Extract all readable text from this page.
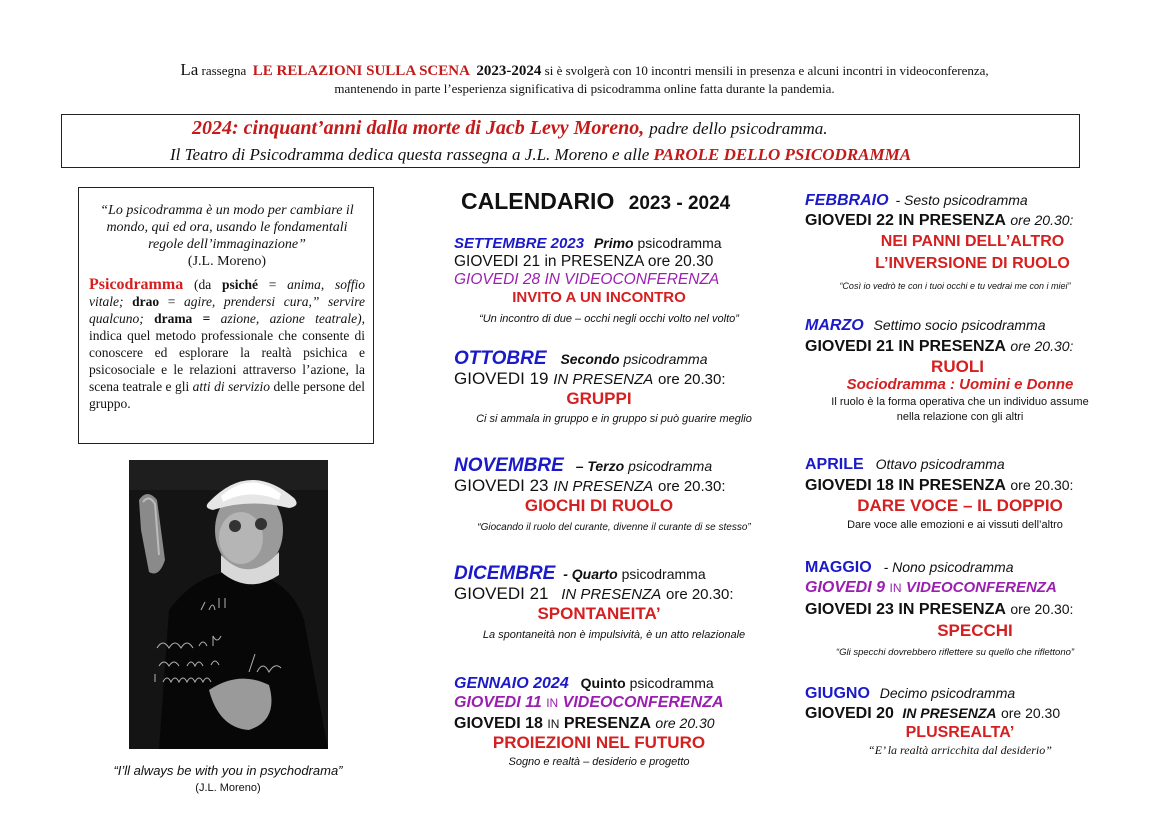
La rassegna LE RELAZIONI SULLA SCENA 2023-2024 si è svolgerà con 10 incontri mensili in presenza e alcuni incontri in videoconferenza,
mantenendo in parte l’esperienza significativa di psicodramma online fatta durante la pandemia.
2024: cinquant’anni dalla morte di Jacb Levy Moreno, padre dello psicodramma.
Il Teatro di Psicodramma dedica questa rassegna a J.L. Moreno e alle PAROLE DELLO PSICODRAMMA
“Lo psicodramma è un modo per cambiare il mondo, qui ed ora, usando le fondamentali regole dell’immaginazione”
(J.L. Moreno)
Psicodramma (da psiché = anima, soffio vitale; drao = agire, prendersi cura,” servire qualcuno; drama = azione, azione teatrale), indica quel metodo professionale che consente di conoscere ed esplorare la realtà psichica e psicosociale e le relazioni attraverso l’azione, la scena teatrale e gli atti di servizio delle persone del gruppo.
“I’ll always be with you in psychodrama”
(J.L. Moreno)
CALENDARIO 2023 - 2024
SETTEMBRE 2023 Primo psicodramma
GIOVEDI 21 in PRESENZA ore 20.30
GIOVEDI 28 IN VIDEOCONFERENZA
INVITO A UN INCONTRO
“Un incontro di due – occhi negli occhi volto nel volto”
OTTOBRE Secondo psicodramma
GIOVEDI 19 IN PRESENZA ore 20.30:
GRUPPI
Ci si ammala in gruppo e in gruppo si può guarire meglio
NOVEMBRE – Terzo psicodramma
GIOVEDI 23 IN PRESENZA ore 20.30:
GIOCHI DI RUOLO
“Giocando il ruolo del curante, divenne il curante di se stesso”
DICEMBRE - Quarto psicodramma
GIOVEDI 21 IN PRESENZA ore 20.30:
SPONTANEITA’
La spontaneità non è impulsività, è un atto relazionale
GENNAIO 2024 Quinto psicodramma
GIOVEDI 11 IN VIDEOCONFERENZA
GIOVEDI 18 IN PRESENZA ore 20.30
PROIEZIONI NEL FUTURO
Sogno e realtà – desiderio e progetto
FEBBRAIO - Sesto psicodramma
GIOVEDI 22 IN PRESENZA ore 20.30:
NEI PANNI DELL’ALTRO
L’INVERSIONE DI RUOLO
“Così io vedrò te con i tuoi occhi e tu vedrai me con i miei”
MARZO Settimo socio psicodramma
GIOVEDI 21 IN PRESENZA ore 20.30:
RUOLI
Sociodramma : Uomini e Donne
Il ruolo è la forma operativa che un individuo assume
nella relazione con gli altri
APRILE Ottavo psicodramma
GIOVEDI 18 IN PRESENZA ore 20.30:
DARE VOCE – IL DOPPIO
Dare voce alle emozioni e ai vissuti dell’altro
MAGGIO - Nono psicodramma
GIOVEDI 9 IN VIDEOCONFERENZA
GIOVEDI 23 IN PRESENZA ore 20.30:
SPECCHI
“Gli specchi dovrebbero riflettere su quello che riflettono”
GIUGNO Decimo psicodramma
GIOVEDI 20 IN PRESENZA ore 20.30
PLUSREALTA’
“E’ la realtà arricchita dal desiderio”
